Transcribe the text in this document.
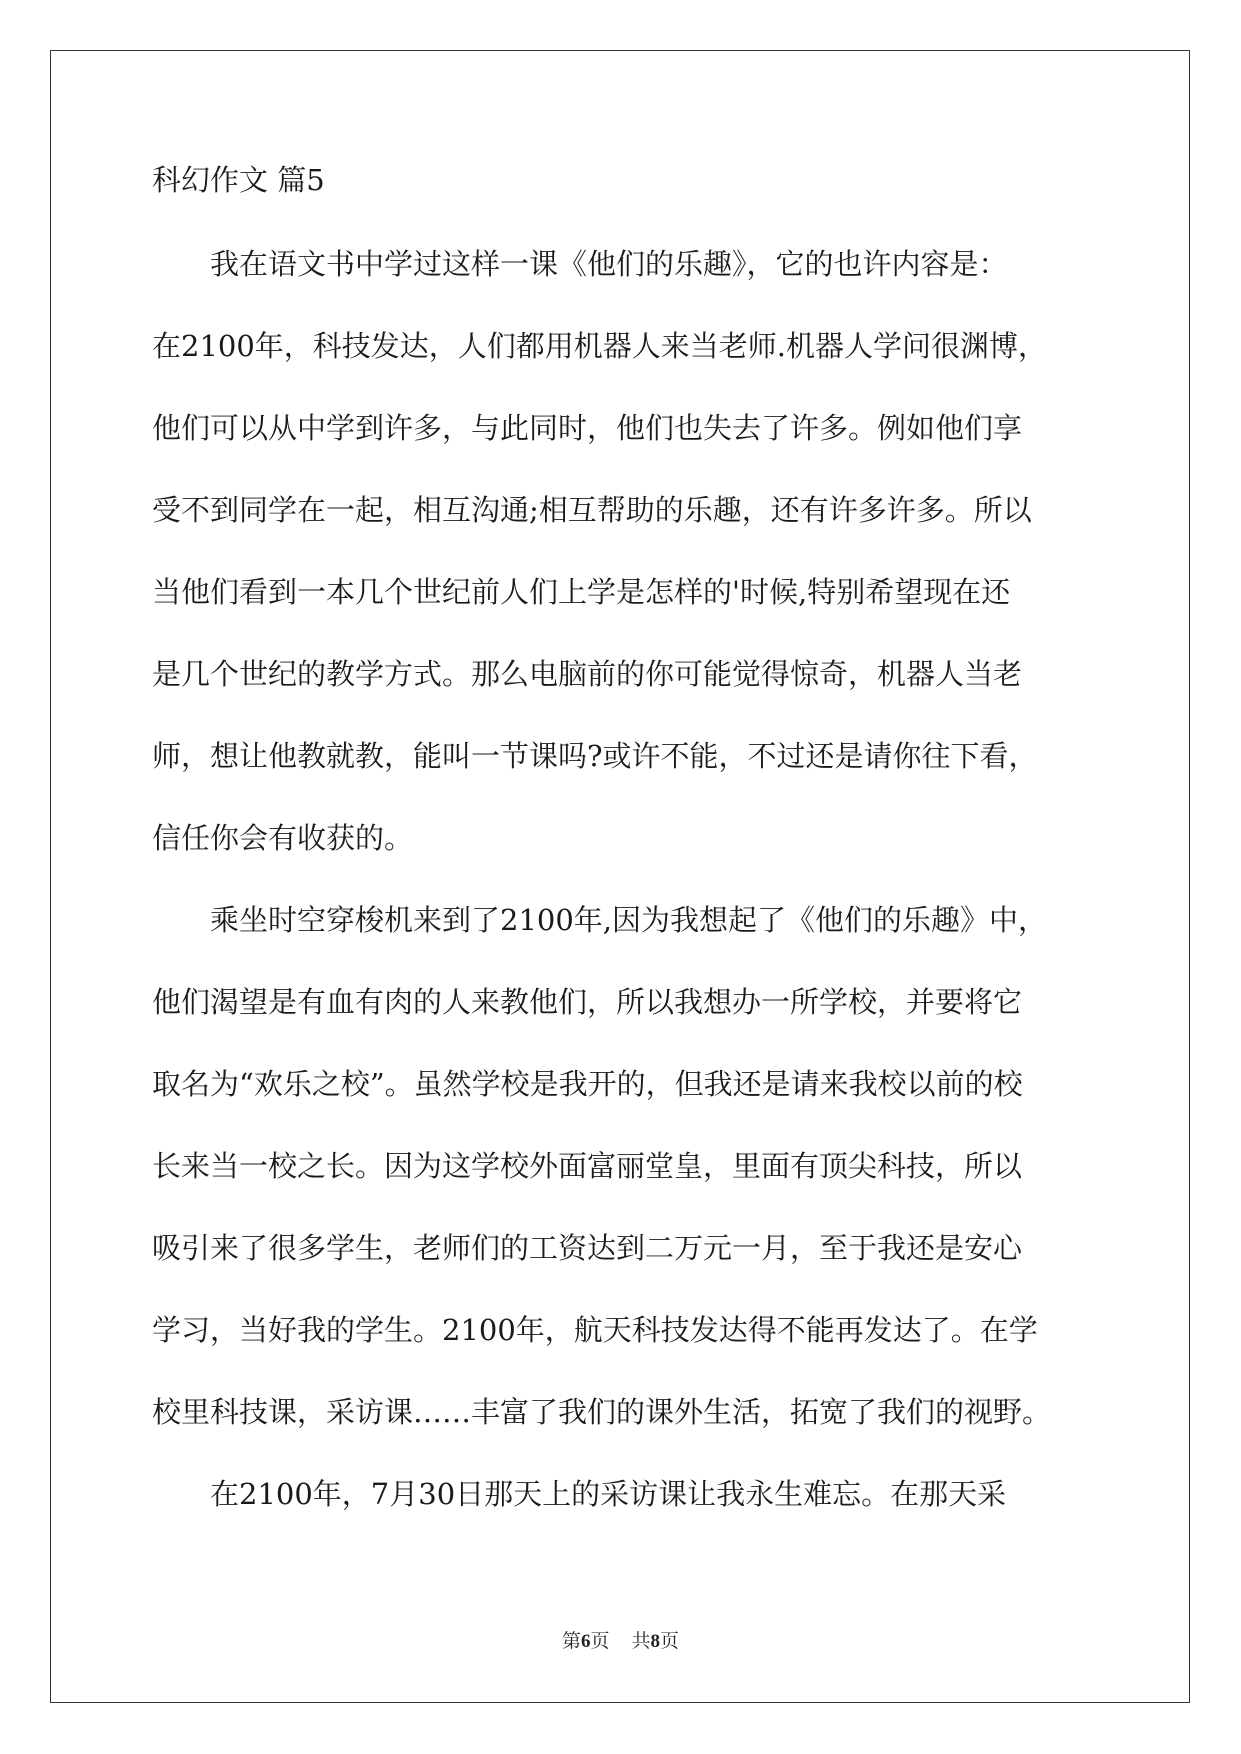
科幻作文 篇5
　　我在语文书中学过这样一课《他们的乐趣》，它的也许内容是：
在2100年，科技发达，人们都用机器人来当老师.机器人学问很渊博，
他们可以从中学到许多，与此同时，他们也失去了许多。例如他们享
受不到同学在一起，相互沟通;相互帮助的乐趣，还有许多许多。所以
当他们看到一本几个世纪前人们上学是怎样的'时候,特别希望现在还
是几个世纪的教学方式。那么电脑前的你可能觉得惊奇，机器人当老
师，想让他教就教，能叫一节课吗?或许不能，不过还是请你往下看，
信任你会有收获的。
　　乘坐时空穿梭机来到了2100年,因为我想起了《他们的乐趣》中，
他们渴望是有血有肉的人来教他们，所以我想办一所学校，并要将它
取名为“欢乐之校”。虽然学校是我开的，但我还是请来我校以前的校
长来当一校之长。因为这学校外面富丽堂皇，里面有顶尖科技，所以
吸引来了很多学生，老师们的工资达到二万元一月，至于我还是安心
学习，当好我的学生。2100年，航天科技发达得不能再发达了。在学
校里科技课，采访课……丰富了我们的课外生活，拓宽了我们的视野。
　　在2100年，7月30日那天上的采访课让我永生难忘。在那天采
第6页 共8页
